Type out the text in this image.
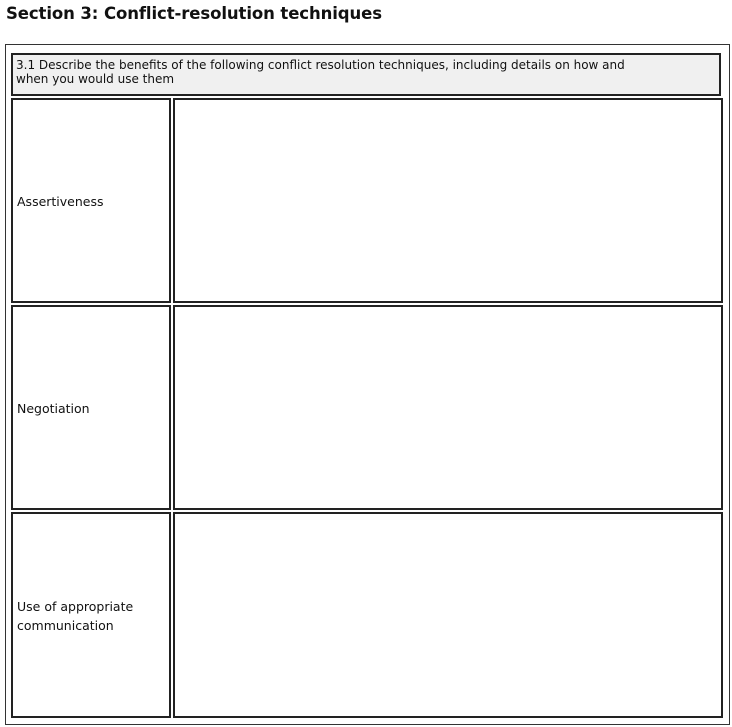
Section 3: Conflict-resolution techniques
3.1 Describe the benefits of the following conflict resolution techniques, including details on how and
when you would use them
Assertiveness
Negotiation
Use of appropriate communication
